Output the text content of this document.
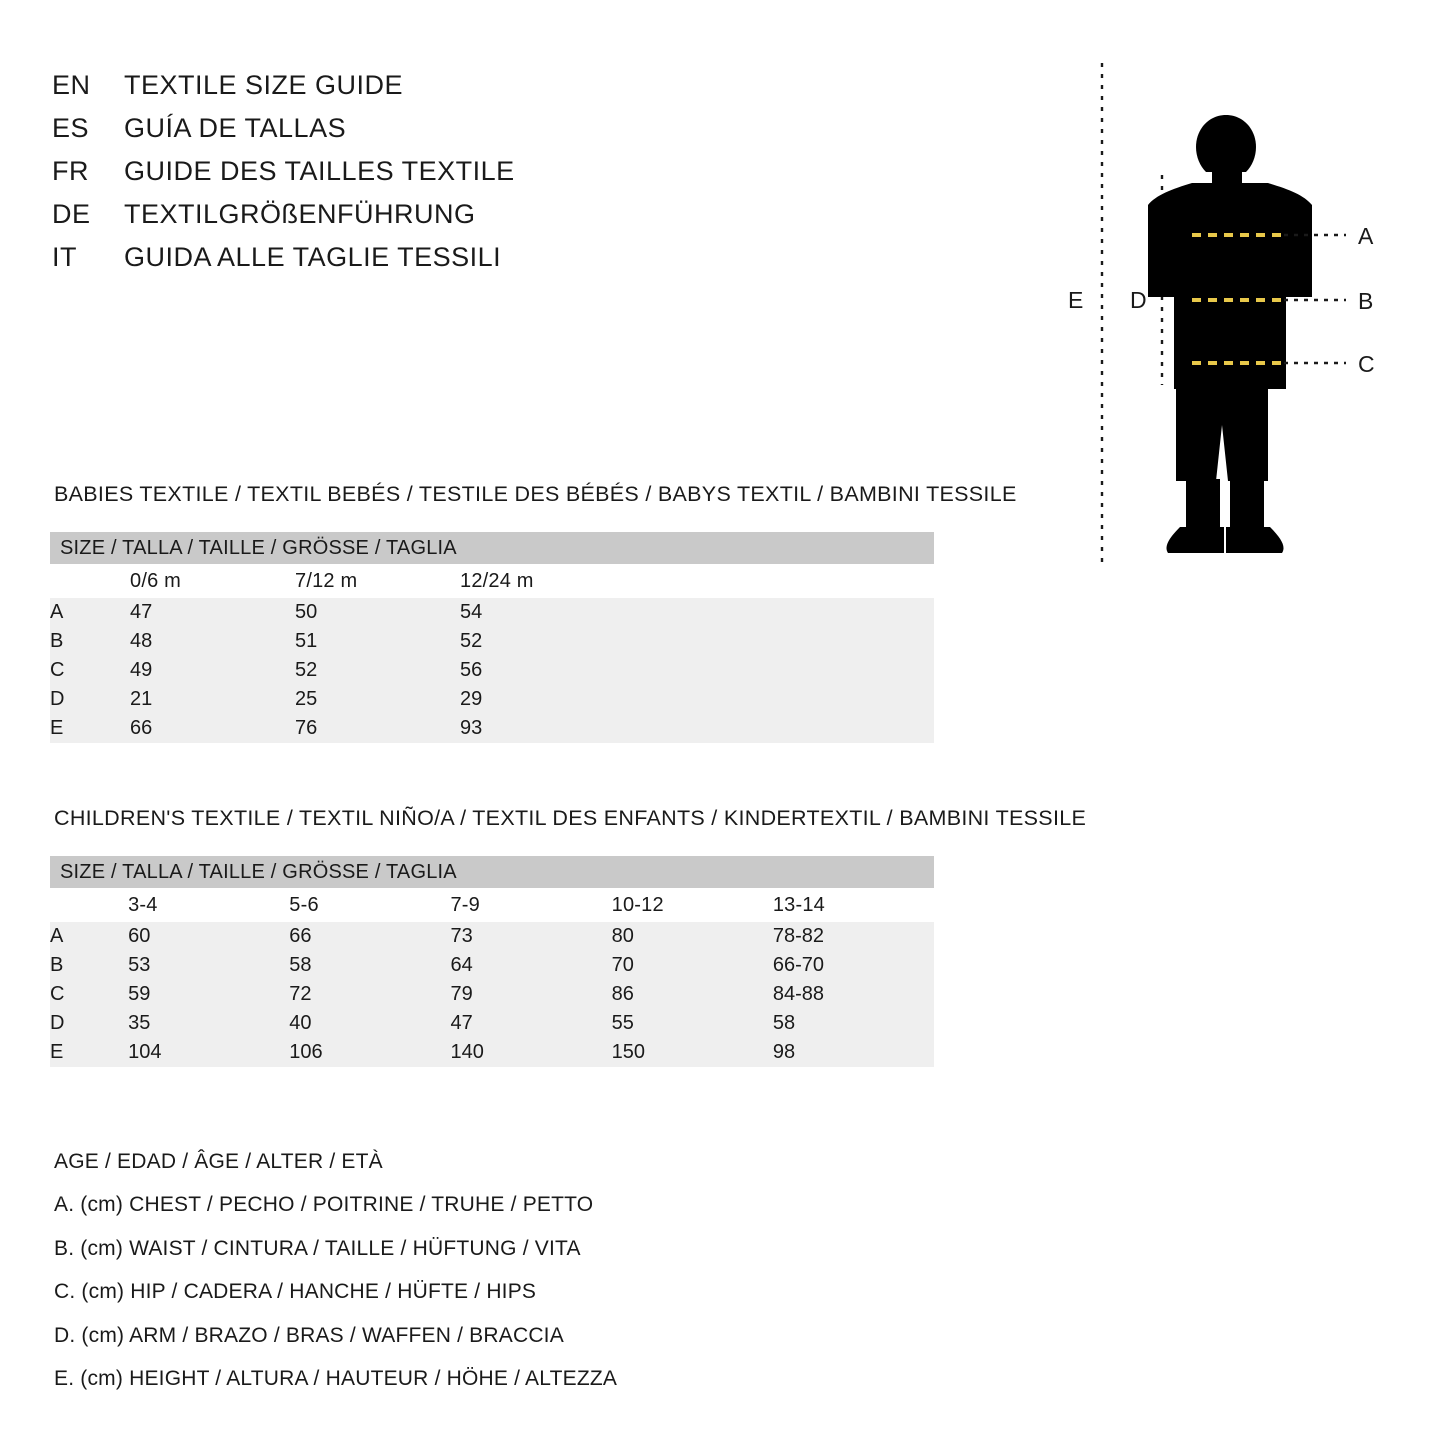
EN	TEXTILE SIZE GUIDE
ES	GUÍA DE TALLAS
FR	GUIDE DES TAILLES TEXTILE
DE	TEXTILGRÖßENFÜHRUNG
IT	GUIDA ALLE TAGLIE TESSILI
A
B
C
D
E
BABIES TEXTILE / TEXTIL BEBÉS / TESTILE DES BÉBÉS / BABYS TEXTIL / BAMBINI TESSILE
SIZE / TALLA / TAILLE / GRÖSSE / TAGLIA				
	0/6 m	7/12 m	12/24 m	
A	47	50	54	
B	48	51	52	
C	49	52	56	
D	21	25	29	
E	66	76	93	
CHILDREN'S TEXTILE / TEXTIL NIÑO/A / TEXTIL DES ENFANTS / KINDERTEXTIL / BAMBINI TESSILE
SIZE / TALLA / TAILLE / GRÖSSE / TAGLIA					
	3-4	5-6	7-9	10-12	13-14
A	60	66	73	80	78-82
B	53	58	64	70	66-70
C	59	72	79	86	84-88
D	35	40	47	55	58
E	104	106	140	150	98
AGE / EDAD / ÂGE / ALTER / ETÀ
A. (cm) CHEST / PECHO / POITRINE / TRUHE / PETTO
B. (cm) WAIST / CINTURA / TAILLE / HÜFTUNG / VITA
C. (cm) HIP / CADERA / HANCHE / HÜFTE / HIPS
D. (cm) ARM / BRAZO / BRAS / WAFFEN / BRACCIA
E. (cm) HEIGHT / ALTURA / HAUTEUR / HÖHE / ALTEZZA
